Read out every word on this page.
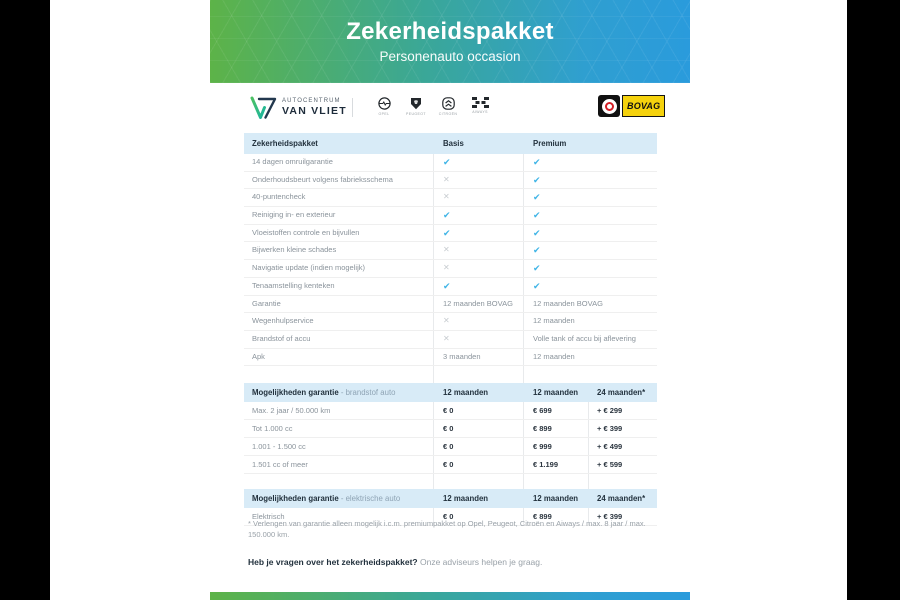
Zekerheidspakket
Personenauto occasion
AUTOCENTRUM
VAN VLIET	OPEL	PEUGEOT	CITROËN	AIWAYS
BOVAG
Zekerheidspakket	Basis	Premium
14 dagen omruilgarantie	✔	✔
Onderhoudsbeurt volgens fabrieksschema	✕	✔
40-puntencheck	✕	✔
Reiniging in- en exterieur	✔	✔
Vloeistoffen controle en bijvullen	✔	✔
Bijwerken kleine schades	✕	✔
Navigatie update (indien mogelijk)	✕	✔
Tenaamstelling kenteken	✔	✔
Garantie	12 maanden BOVAG	12 maanden BOVAG
Wegenhulpservice	✕	12 maanden
Brandstof of accu	✕	Volle tank of accu bij aflevering
Apk	3 maanden	12 maanden
Mogelijkheden garantie - brandstof auto	12 maanden	12 maanden	24 maanden*
Max. 2 jaar / 50.000 km	€ 0	€ 699	+ € 299
Tot 1.000 cc	€ 0	€ 899	+ € 399
1.001 - 1.500 cc	€ 0	€ 999	+ € 499
1.501 cc of meer	€ 0	€ 1.199	+ € 599
Mogelijkheden garantie - elektrische auto	12 maanden	12 maanden	24 maanden*
Elektrisch	€ 0	€ 899	+ € 399
* Verlengen van garantie alleen mogelijk i.c.m. premiumpakket op Opel, Peugeot, Citroën en Aiways / max. 8 jaar / max. 150.000 km.
Heb je vragen over het zekerheidspakket? Onze adviseurs helpen je graag.
